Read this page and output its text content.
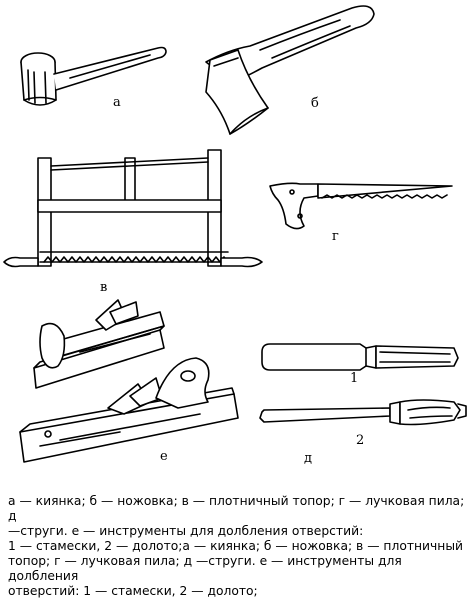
а	б
в
г
е	д
1
2
а — киянка; б — ножовка; в — плотничный топор; г — лучковая пила; д
—струги. е — инструменты для долбления отверстий:
1 — стамески, 2 — долото;а — киянка; б — ножовка; в — плотничный
топор; г — лучковая пила; д —струги. е — инструменты для долбления
отверстий: 1 — стамески, 2 — долото;
